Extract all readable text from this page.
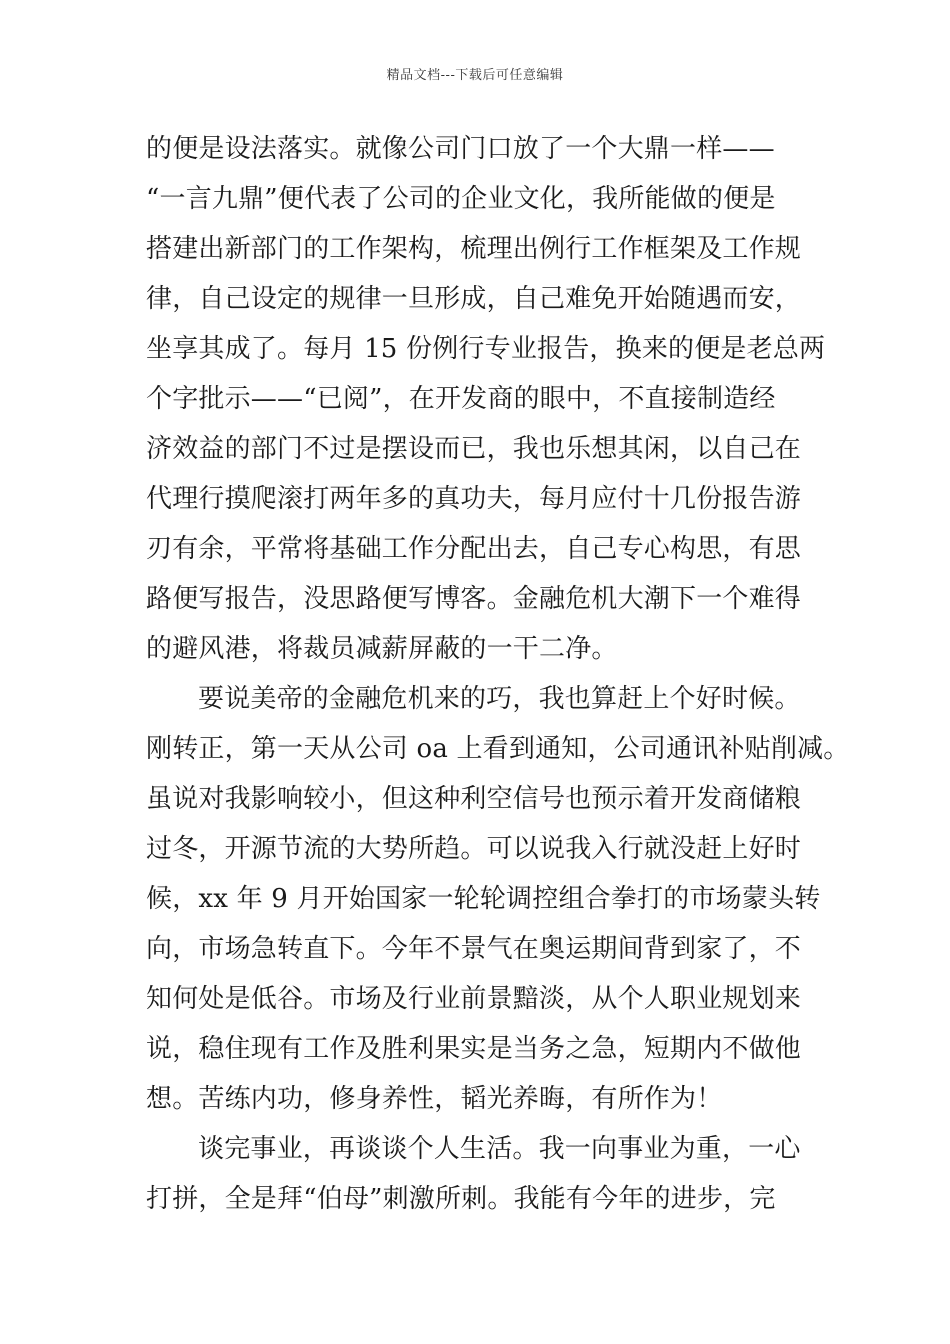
精品文档---下载后可任意编辑
的便是设法落实。就像公司门口放了一个大鼎一样——
“一言九鼎”便代表了公司的企业文化，我所能做的便是
搭建出新部门的工作架构，梳理出例行工作框架及工作规
律，自己设定的规律一旦形成，自己难免开始随遇而安，
坐享其成了。每月 15 份例行专业报告，换来的便是老总两
个字批示——“已阅”，在开发商的眼中，不直接制造经
济效益的部门不过是摆设而已，我也乐想其闲，以自己在
代理行摸爬滚打两年多的真功夫，每月应付十几份报告游
刃有余，平常将基础工作分配出去，自己专心构思，有思
路便写报告，没思路便写博客。金融危机大潮下一个难得
的避风港，将裁员减薪屏蔽的一干二净。
要说美帝的金融危机来的巧，我也算赶上个好时候。
刚转正，第一天从公司 oa 上看到通知，公司通讯补贴削减。
虽说对我影响较小，但这种利空信号也预示着开发商储粮
过冬，开源节流的大势所趋。可以说我入行就没赶上好时
候，xx 年 9 月开始国家一轮轮调控组合拳打的市场蒙头转
向，市场急转直下。今年不景气在奥运期间背到家了，不
知何处是低谷。市场及行业前景黯淡，从个人职业规划来
说，稳住现有工作及胜利果实是当务之急，短期内不做他
想。苦练内功，修身养性，韬光养晦，有所作为！
谈完事业，再谈谈个人生活。我一向事业为重，一心
打拼，全是拜“伯母”刺激所刺。我能有今年的进步，完
